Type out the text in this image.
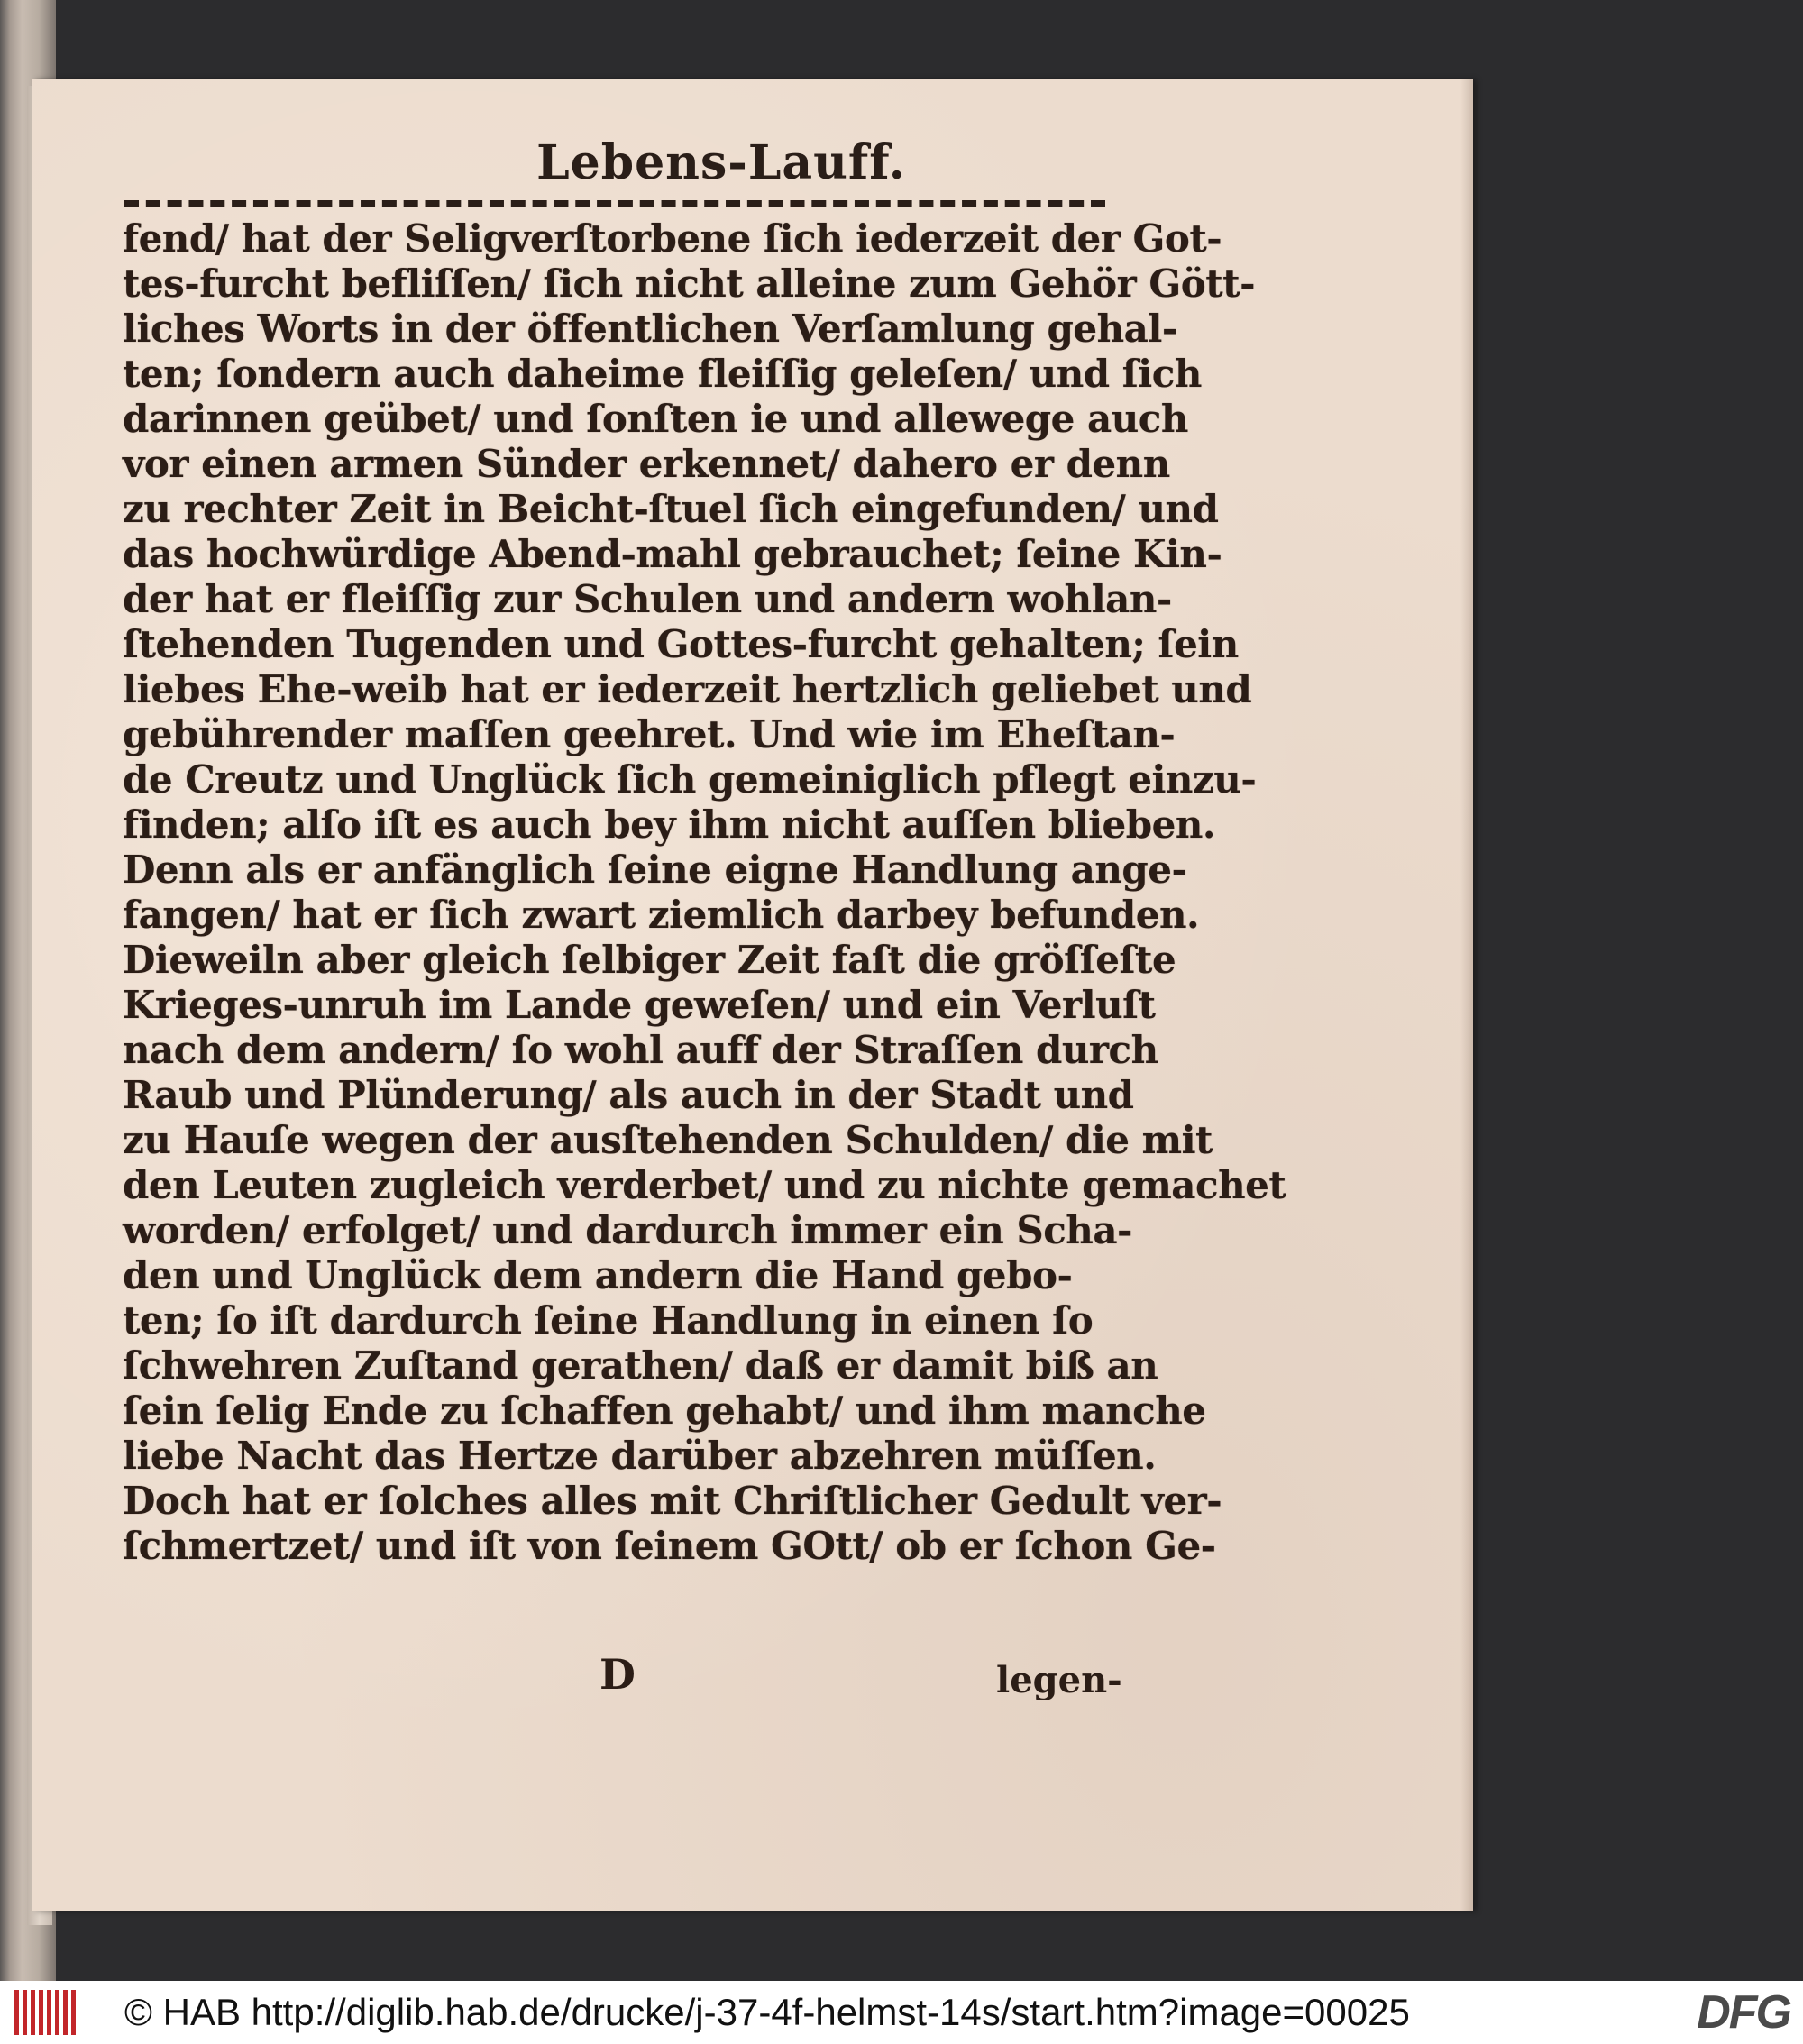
Lebens-Lauff.
fend/ hat der Seligverſtorbene ſich iederzeit der Got-
tes-furcht befliſſen/ ſich nicht alleine zum Gehör Gött-
liches Worts in der öffentlichen Verſamlung gehal-
ten; ſondern auch daheime fleiſſig geleſen/ und ſich
darinnen geübet/ und ſonſten ie und allewege auch
vor einen armen Sünder erkennet/ dahero er denn
zu rechter Zeit in Beicht-ſtuel ſich eingefunden/ und
das hochwürdige Abend-mahl gebrauchet; ſeine Kin-
der hat er fleiſſig zur Schulen und andern wohlan-
ſtehenden Tugenden und Gottes-furcht gehalten; ſein
liebes Ehe-weib hat er iederzeit hertzlich geliebet und
gebührender maſſen geehret. Und wie im Eheſtan-
de Creutz und Unglück ſich gemeiniglich pflegt einzu-
finden; alſo iſt es auch bey ihm nicht auſſen blieben.
Denn als er anfänglich ſeine eigne Handlung ange-
fangen/ hat er ſich zwart ziemlich darbey befunden.
Dieweiln aber gleich ſelbiger Zeit faſt die gröſſeſte
Krieges-unruh im Lande geweſen/ und ein Verluſt
nach dem andern/ ſo wohl auff der Straſſen durch
Raub und Plünderung/ als auch in der Stadt und
zu Hauſe wegen der ausſtehenden Schulden/ die mit
den Leuten zugleich verderbet/ und zu nichte gemachet
worden/ erfolget/ und dardurch immer ein Scha-
den und Unglück dem andern die Hand gebo-
ten; ſo iſt dardurch ſeine Handlung in einen ſo
ſchwehren Zuſtand gerathen/ daß er damit biß an
ſein ſelig Ende zu ſchaffen gehabt/ und ihm manche
liebe Nacht das Hertze darüber abzehren müſſen.
Doch hat er ſolches alles mit Chriſtlicher Gedult ver-
ſchmertzet/ und iſt von ſeinem GOtt/ ob er ſchon Ge-
D	legen-
© HAB http://diglib.hab.de/drucke/j-37-4f-helmst-14s/start.htm?image=00025	DFG
